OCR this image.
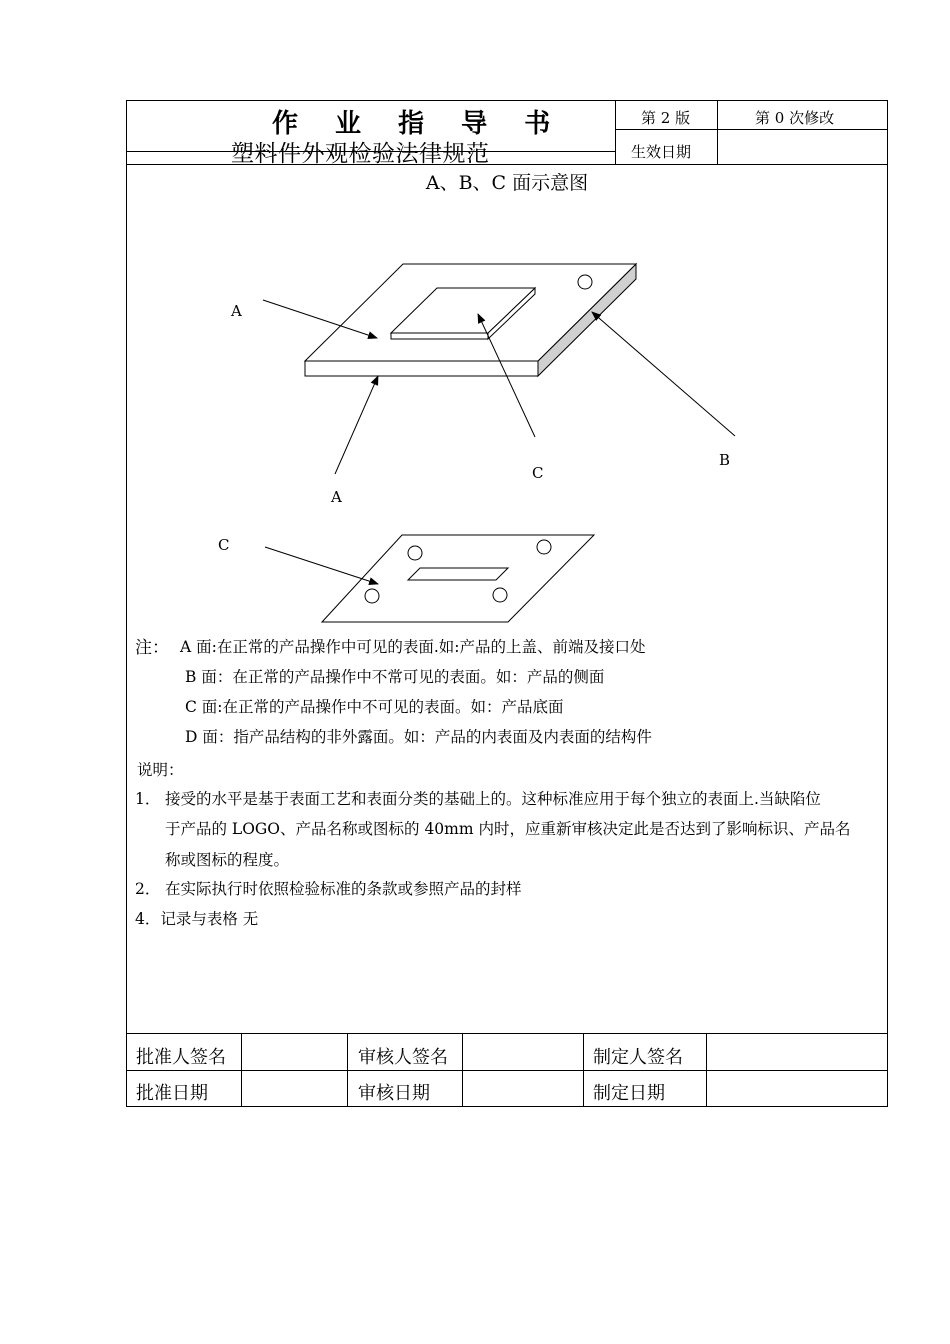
作 业 指 导 书
塑料件外观检验法律规范
第 2 版	第 0 次修改
生效日期
A、B、C 面示意图
注： A 面:在正常的产品操作中可见的表面.如:产品的上盖、前端及接口处
B 面：在正常的产品操作中不常可见的表面。如：产品的侧面
C 面:在正常的产品操作中不可见的表面。如：产品底面
D 面：指产品结构的非外露面。如：产品的内表面及内表面的结构件
说明：
1． 接受的水平是基于表面工艺和表面分类的基础上的。这种标准应用于每个独立的表面上.当缺陷位
于产品的 LOGO、产品名称或图标的 40mm 内时，应重新审核决定此是否达到了影响标识、产品名
称或图标的程度。
2． 在实际执行时依照检验标准的条款或参照产品的封样
4．记录与表格 无
批准人签名	审核人签名	制定人签名
批准日期	审核日期	制定日期
A
A
C
B
C
